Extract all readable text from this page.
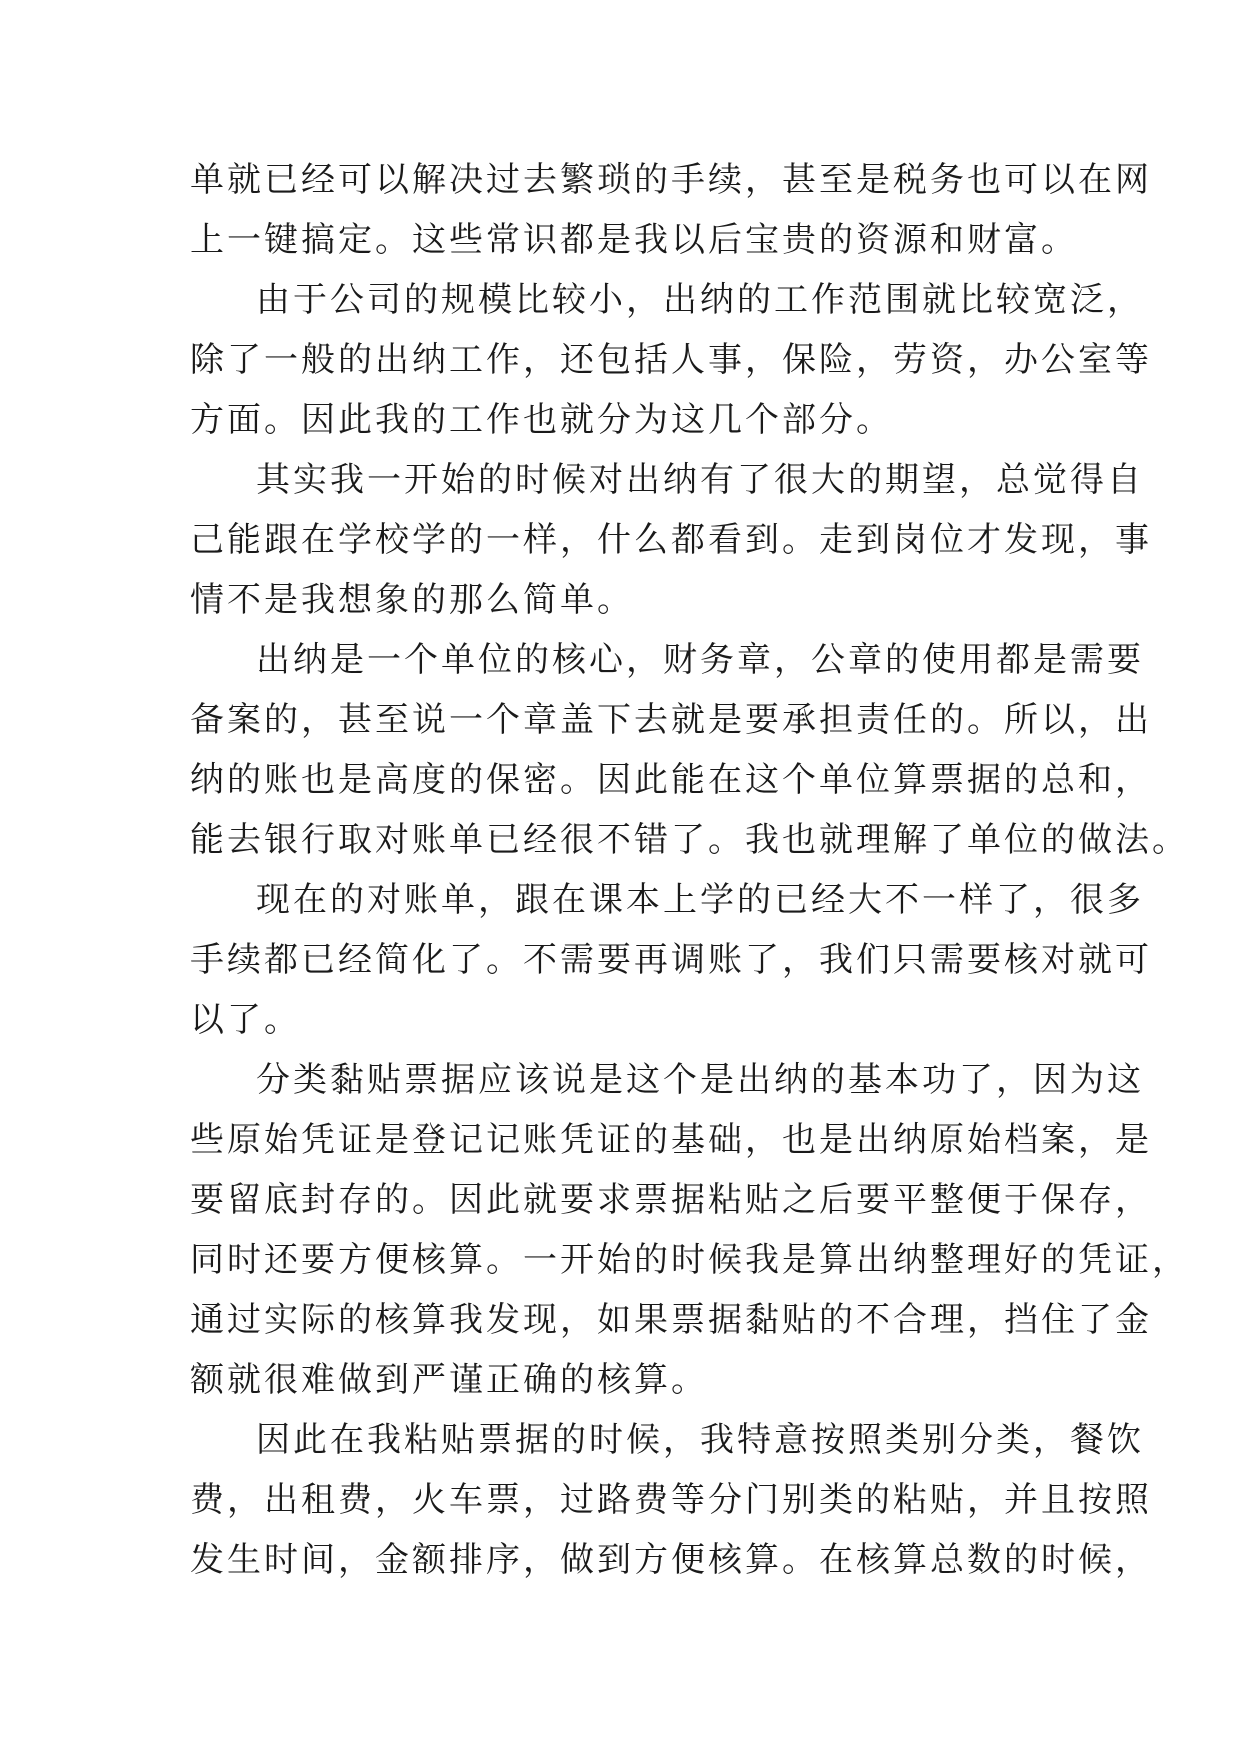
单就已经可以解决过去繁琐的手续，甚至是税务也可以在网
上一键搞定。这些常识都是我以后宝贵的资源和财富。
由于公司的规模比较小，出纳的工作范围就比较宽泛，
除了一般的出纳工作，还包括人事，保险，劳资，办公室等
方面。因此我的工作也就分为这几个部分。
其实我一开始的时候对出纳有了很大的期望，总觉得自
己能跟在学校学的一样，什么都看到。走到岗位才发现，事
情不是我想象的那么简单。
出纳是一个单位的核心，财务章，公章的使用都是需要
备案的，甚至说一个章盖下去就是要承担责任的。所以，出
纳的账也是高度的保密。因此能在这个单位算票据的总和，
能去银行取对账单已经很不错了。我也就理解了单位的做法。
现在的对账单，跟在课本上学的已经大不一样了，很多
手续都已经简化了。不需要再调账了，我们只需要核对就可
以了。
分类黏贴票据应该说是这个是出纳的基本功了，因为这
些原始凭证是登记记账凭证的基础，也是出纳原始档案，是
要留底封存的。因此就要求票据粘贴之后要平整便于保存，
同时还要方便核算。一开始的时候我是算出纳整理好的凭证，
通过实际的核算我发现，如果票据黏贴的不合理，挡住了金
额就很难做到严谨正确的核算。
因此在我粘贴票据的时候，我特意按照类别分类，餐饮
费，出租费，火车票，过路费等分门别类的粘贴，并且按照
发生时间，金额排序，做到方便核算。在核算总数的时候，
